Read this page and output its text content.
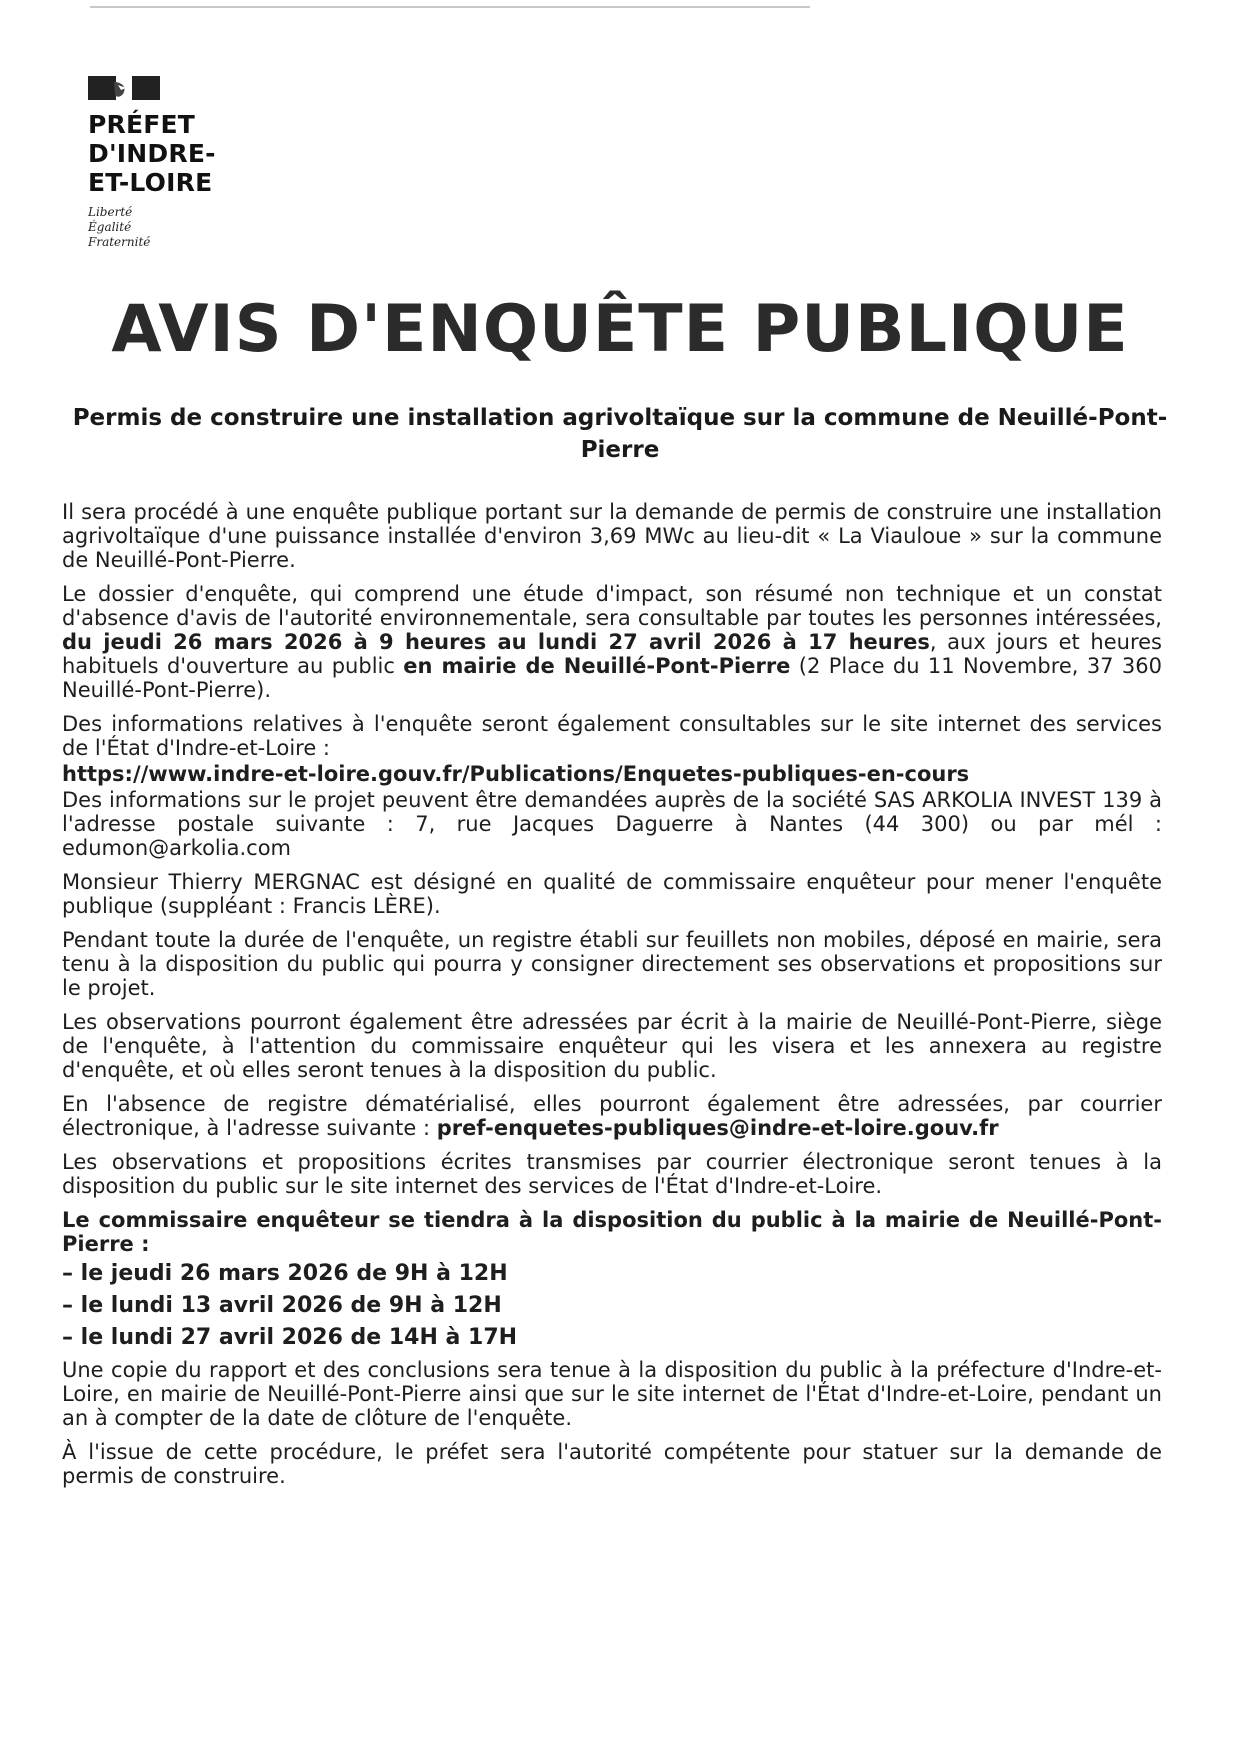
PRÉFET
D'INDRE-
ET-LOIRE
Liberté
Égalité
Fraternité
AVIS D'ENQUÊTE PUBLIQUE
Permis de construire une installation agrivoltaïque sur la commune de Neuillé-Pont-Pierre

Il sera procédé à une enquête publique portant sur la demande de permis de construire une installation agrivoltaïque d'une puissance installée d'environ 3,69 MWc au lieu-dit « La Viauloue » sur la commune de Neuillé-Pont-Pierre.

Le dossier d'enquête, qui comprend une étude d'impact, son résumé non technique et un constat d'absence d'avis de l'autorité environnementale, sera consultable par toutes les personnes intéressées, du jeudi 26 mars 2026 à 9 heures au lundi 27 avril 2026 à 17 heures, aux jours et heures habituels d'ouverture au public en mairie de Neuillé-Pont-Pierre (2 Place du 11 Novembre, 37 360 Neuillé-Pont-Pierre).

Des informations relatives à l'enquête seront également consultables sur le site internet des services de l'État d'Indre-et-Loire :

https://www.indre-et-loire.gouv.fr/Publications/Enquetes-publiques-en-cours

Des informations sur le projet peuvent être demandées auprès de la société SAS ARKOLIA INVEST 139 à l'adresse postale suivante : 7, rue Jacques Daguerre à Nantes (44 300) ou par mél : edumon@arkolia.com

Monsieur Thierry MERGNAC est désigné en qualité de commissaire enquêteur pour mener l'enquête publique (suppléant : Francis LÈRE).

Pendant toute la durée de l'enquête, un registre établi sur feuillets non mobiles, déposé en mairie, sera tenu à la disposition du public qui pourra y consigner directement ses observations et propositions sur le projet.

Les observations pourront également être adressées par écrit à la mairie de Neuillé-Pont-Pierre, siège de l'enquête, à l'attention du commissaire enquêteur qui les visera et les annexera au registre d'enquête, et où elles seront tenues à la disposition du public.

En l'absence de registre dématérialisé, elles pourront également être adressées, par courrier électronique, à l'adresse suivante : pref-enquetes-publiques@indre-et-loire.gouv.fr

Les observations et propositions écrites transmises par courrier électronique seront tenues à la disposition du public sur le site internet des services de l'État d'Indre-et-Loire.

Le commissaire enquêteur se tiendra à la disposition du public à la mairie de Neuillé-Pont-Pierre :
– le jeudi 26 mars 2026 de 9H à 12H
– le lundi 13 avril 2026 de 9H à 12H
– le lundi 27 avril 2026 de 14H à 17H

Une copie du rapport et des conclusions sera tenue à la disposition du public à la préfecture d'Indre-et-Loire, en mairie de Neuillé-Pont-Pierre ainsi que sur le site internet de l'État d'Indre-et-Loire, pendant un an à compter de la date de clôture de l'enquête.

À l'issue de cette procédure, le préfet sera l'autorité compétente pour statuer sur la demande de permis de construire.
